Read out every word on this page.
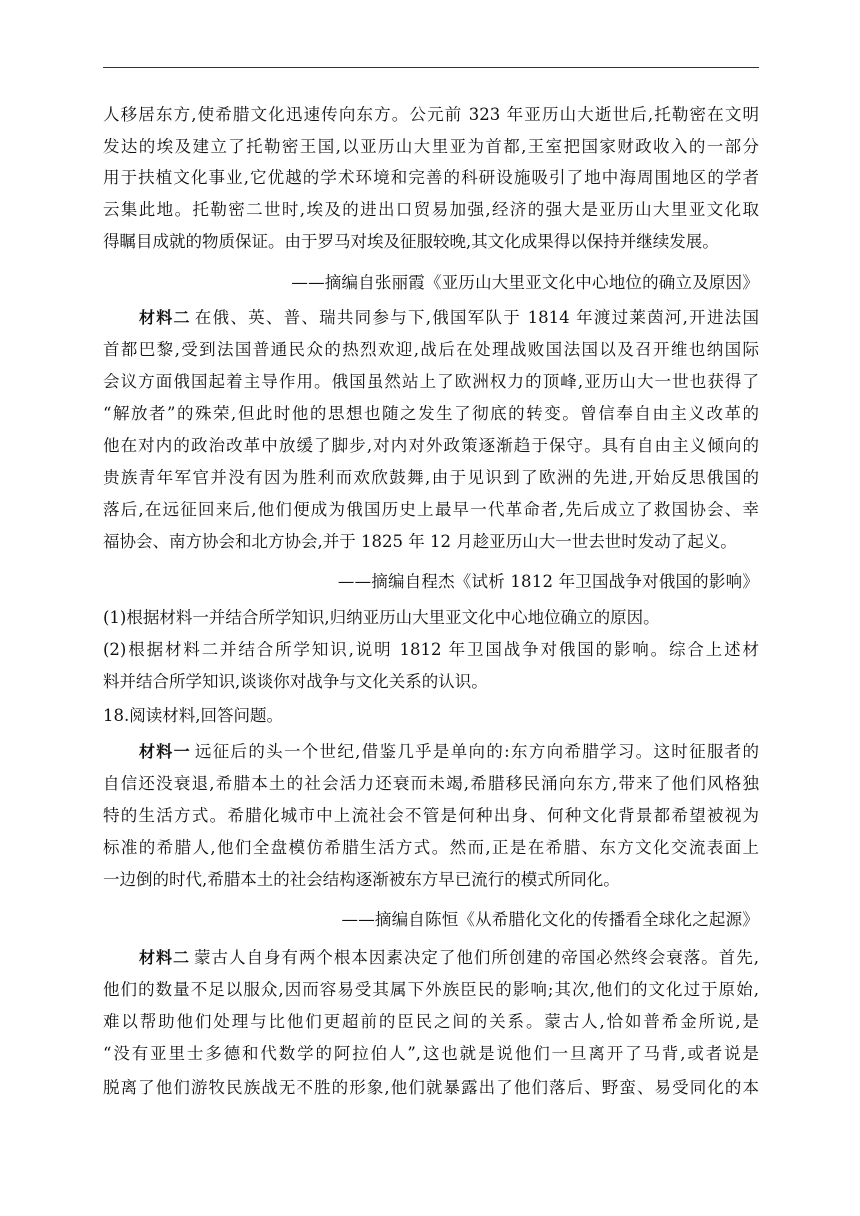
人移居东方,使希腊文化迅速传向东方。公元前 323 年亚历山大逝世后,托勒密在文明
发达的埃及建立了托勒密王国,以亚历山大里亚为首都,王室把国家财政收入的一部分
用于扶植文化事业,它优越的学术环境和完善的科研设施吸引了地中海周围地区的学者
云集此地。托勒密二世时,埃及的进出口贸易加强,经济的强大是亚历山大里亚文化取
得瞩目成就的物质保证。由于罗马对埃及征服较晚,其文化成果得以保持并继续发展。
——摘编自张丽霞《亚历山大里亚文化中心地位的确立及原因》
材料二 在俄、英、普、瑞共同参与下,俄国军队于 1814 年渡过莱茵河,开进法国
首都巴黎,受到法国普通民众的热烈欢迎,战后在处理战败国法国以及召开维也纳国际
会议方面俄国起着主导作用。俄国虽然站上了欧洲权力的顶峰,亚历山大一世也获得了
“解放者”的殊荣,但此时他的思想也随之发生了彻底的转变。曾信奉自由主义改革的
他在对内的政治改革中放缓了脚步,对内对外政策逐渐趋于保守。具有自由主义倾向的
贵族青年军官并没有因为胜利而欢欣鼓舞,由于见识到了欧洲的先进,开始反思俄国的
落后,在远征回来后,他们便成为俄国历史上最早一代革命者,先后成立了救国协会、幸
福协会、南方协会和北方协会,并于 1825 年 12 月趁亚历山大一世去世时发动了起义。
——摘编自程杰《试析 1812 年卫国战争对俄国的影响》
(1)根据材料一并结合所学知识,归纳亚历山大里亚文化中心地位确立的原因。
(2)根据材料二并结合所学知识,说明 1812 年卫国战争对俄国的影响。综合上述材
料并结合所学知识,谈谈你对战争与文化关系的认识。
18.阅读材料,回答问题。
材料一 远征后的头一个世纪,借鉴几乎是单向的:东方向希腊学习。这时征服者的
自信还没衰退,希腊本土的社会活力还衰而未竭,希腊移民涌向东方,带来了他们风格独
特的生活方式。希腊化城市中上流社会不管是何种出身、何种文化背景都希望被视为
标准的希腊人,他们全盘模仿希腊生活方式。然而,正是在希腊、东方文化交流表面上
一边倒的时代,希腊本土的社会结构逐渐被东方早已流行的模式所同化。
——摘编自陈恒《从希腊化文化的传播看全球化之起源》
材料二 蒙古人自身有两个根本因素决定了他们所创建的帝国必然终会衰落。首先,
他们的数量不足以服众,因而容易受其属下外族臣民的影响;其次,他们的文化过于原始,
难以帮助他们处理与比他们更超前的臣民之间的关系。蒙古人,恰如普希金所说,是
“没有亚里士多德和代数学的阿拉伯人”,这也就是说他们一旦离开了马背,或者说是
脱离了他们游牧民族战无不胜的形象,他们就暴露出了他们落后、野蛮、易受同化的本
